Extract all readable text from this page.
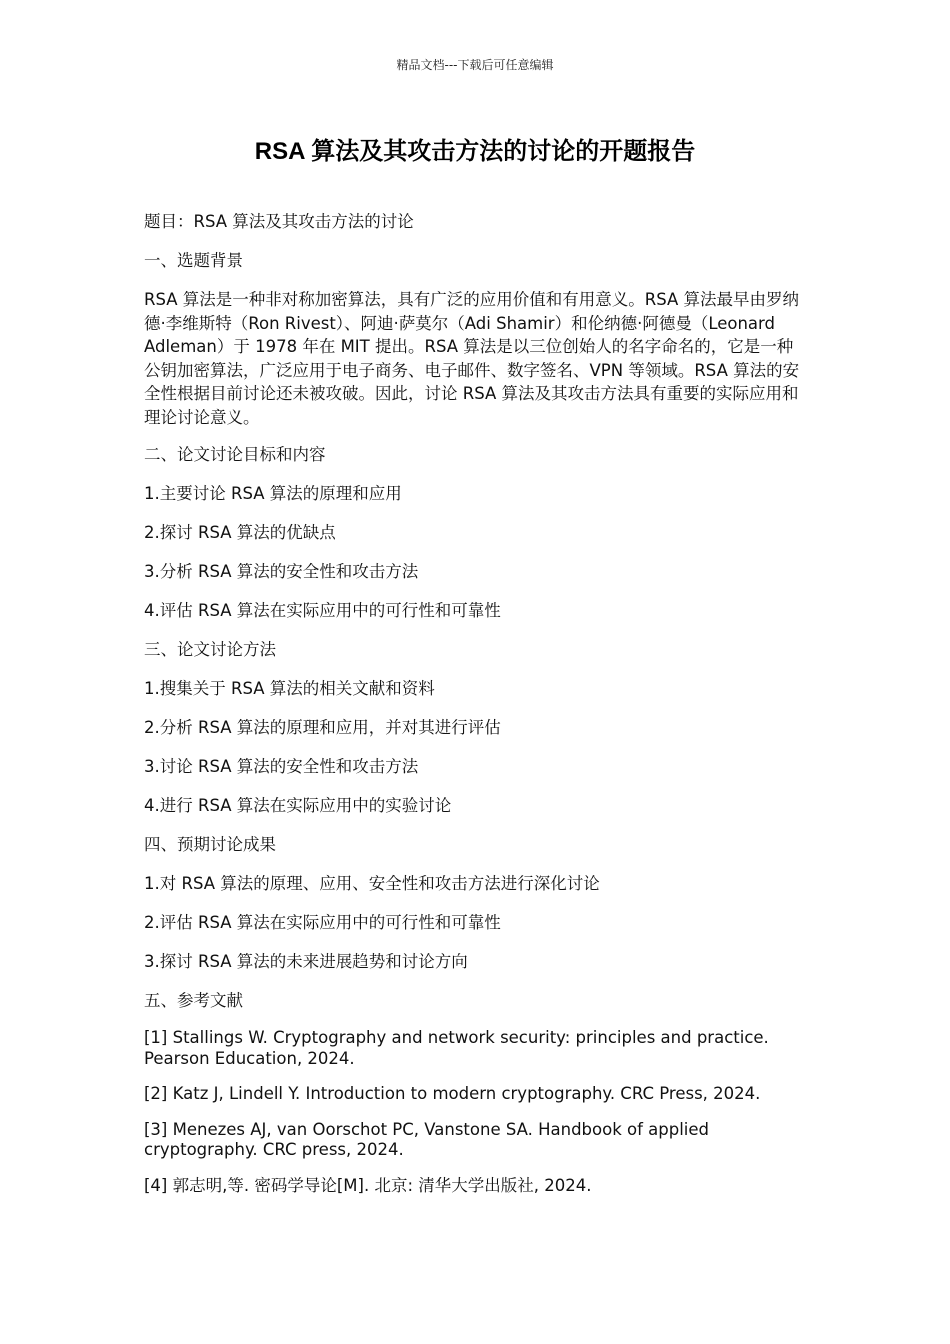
精品文档---下载后可任意编辑
RSA 算法及其攻击方法的讨论的开题报告

题目：RSA 算法及其攻击方法的讨论

一、选题背景

RSA 算法是一种非对称加密算法，具有广泛的应用价值和有用意义。RSA 算法最早由罗纳德·李维斯特（Ron Rivest）、阿迪·萨莫尔（Adi Shamir）和伦纳德·阿德曼（Leonard Adleman）于 1978 年在 MIT 提出。RSA 算法是以三位创始人的名字命名的，它是一种公钥加密算法，广泛应用于电子商务、电子邮件、数字签名、VPN 等领域。RSA 算法的安全性根据目前讨论还未被攻破。因此，讨论 RSA 算法及其攻击方法具有重要的实际应用和理论讨论意义。

二、论文讨论目标和内容

1.主要讨论 RSA 算法的原理和应用

2.探讨 RSA 算法的优缺点

3.分析 RSA 算法的安全性和攻击方法

4.评估 RSA 算法在实际应用中的可行性和可靠性

三、论文讨论方法

1.搜集关于 RSA 算法的相关文献和资料

2.分析 RSA 算法的原理和应用，并对其进行评估

3.讨论 RSA 算法的安全性和攻击方法

4.进行 RSA 算法在实际应用中的实验讨论

四、预期讨论成果

1.对 RSA 算法的原理、应用、安全性和攻击方法进行深化讨论

2.评估 RSA 算法在实际应用中的可行性和可靠性

3.探讨 RSA 算法的未来进展趋势和讨论方向

五、参考文献

[1] Stallings W. Cryptography and network security: principles and practice. Pearson Education, 2024.

[2] Katz J, Lindell Y. Introduction to modern cryptography. CRC Press, 2024.

[3] Menezes AJ, van Oorschot PC, Vanstone SA. Handbook of applied cryptography. CRC press, 2024.

[4] 郭志明,等. 密码学导论[M]. 北京: 清华大学出版社, 2024.
